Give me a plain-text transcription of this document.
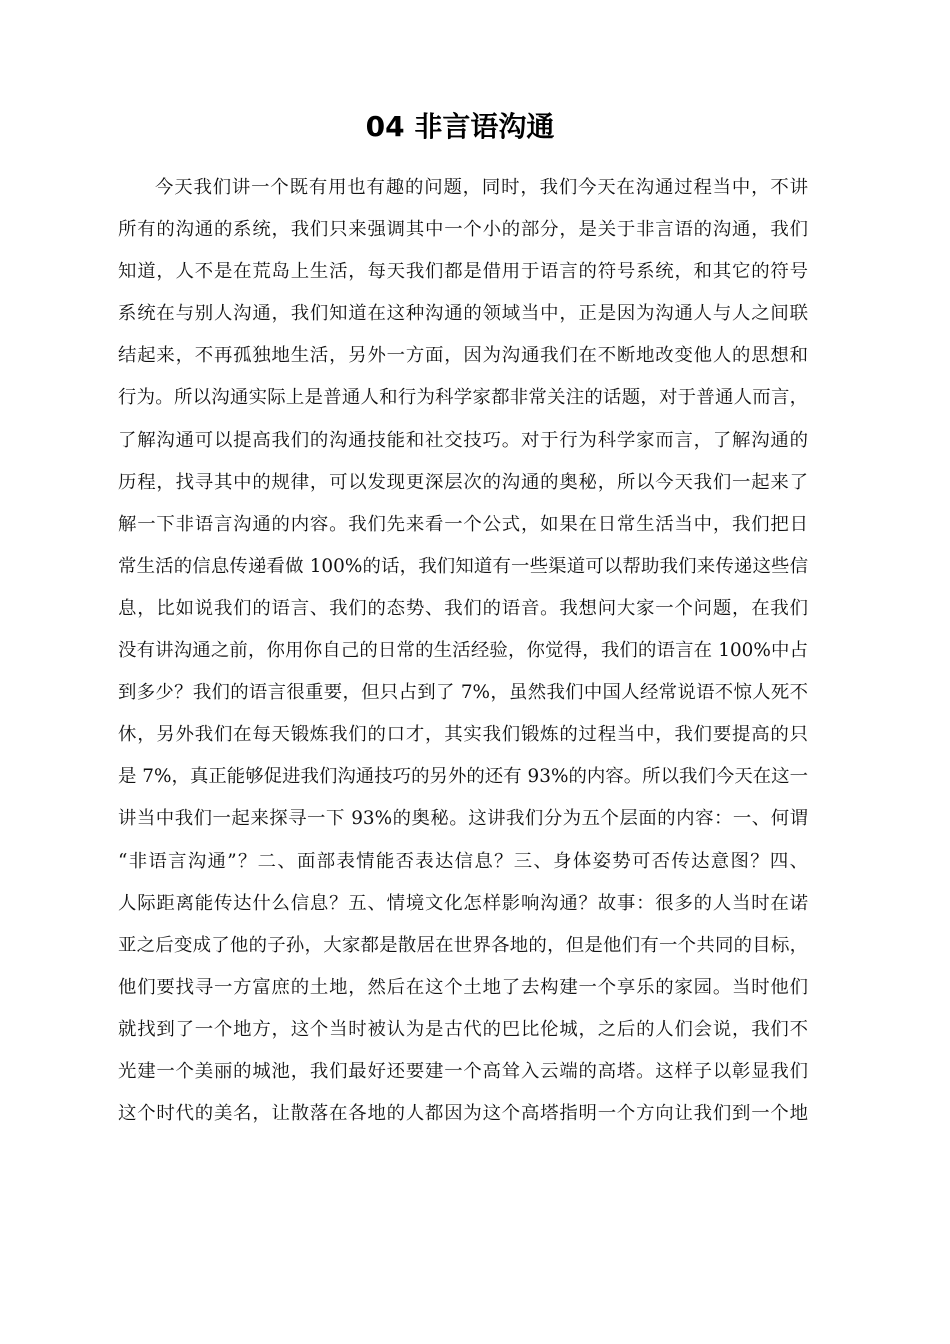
04 非言语沟通
今天我们讲一个既有用也有趣的问题，同时，我们今天在沟通过程当中，不讲
所有的沟通的系统，我们只来强调其中一个小的部分，是关于非言语的沟通，我们
知道，人不是在荒岛上生活，每天我们都是借用于语言的符号系统，和其它的符号
系统在与别人沟通，我们知道在这种沟通的领域当中，正是因为沟通人与人之间联
结起来，不再孤独地生活，另外一方面，因为沟通我们在不断地改变他人的思想和
行为。所以沟通实际上是普通人和行为科学家都非常关注的话题，对于普通人而言，
了解沟通可以提高我们的沟通技能和社交技巧。对于行为科学家而言，了解沟通的
历程，找寻其中的规律，可以发现更深层次的沟通的奥秘，所以今天我们一起来了
解一下非语言沟通的内容。我们先来看一个公式，如果在日常生活当中，我们把日
常生活的信息传递看做 100%的话，我们知道有一些渠道可以帮助我们来传递这些信
息，比如说我们的语言、我们的态势、我们的语音。我想问大家一个问题，在我们
没有讲沟通之前，你用你自己的日常的生活经验，你觉得，我们的语言在 100%中占
到多少？我们的语言很重要，但只占到了 7%，虽然我们中国人经常说语不惊人死不
休，另外我们在每天锻炼我们的口才，其实我们锻炼的过程当中，我们要提高的只
是 7%，真正能够促进我们沟通技巧的另外的还有 93%的内容。所以我们今天在这一
讲当中我们一起来探寻一下 93%的奥秘。这讲我们分为五个层面的内容：一、何谓
“非语言沟通”？二、面部表情能否表达信息？三、身体姿势可否传达意图？四、
人际距离能传达什么信息？五、情境文化怎样影响沟通？故事：很多的人当时在诺
亚之后变成了他的子孙，大家都是散居在世界各地的，但是他们有一个共同的目标，
他们要找寻一方富庶的土地，然后在这个土地了去构建一个享乐的家园。当时他们
就找到了一个地方，这个当时被认为是古代的巴比伦城，之后的人们会说，我们不
光建一个美丽的城池，我们最好还要建一个高耸入云端的高塔。这样子以彰显我们
这个时代的美名，让散落在各地的人都因为这个高塔指明一个方向让我们到一个地
